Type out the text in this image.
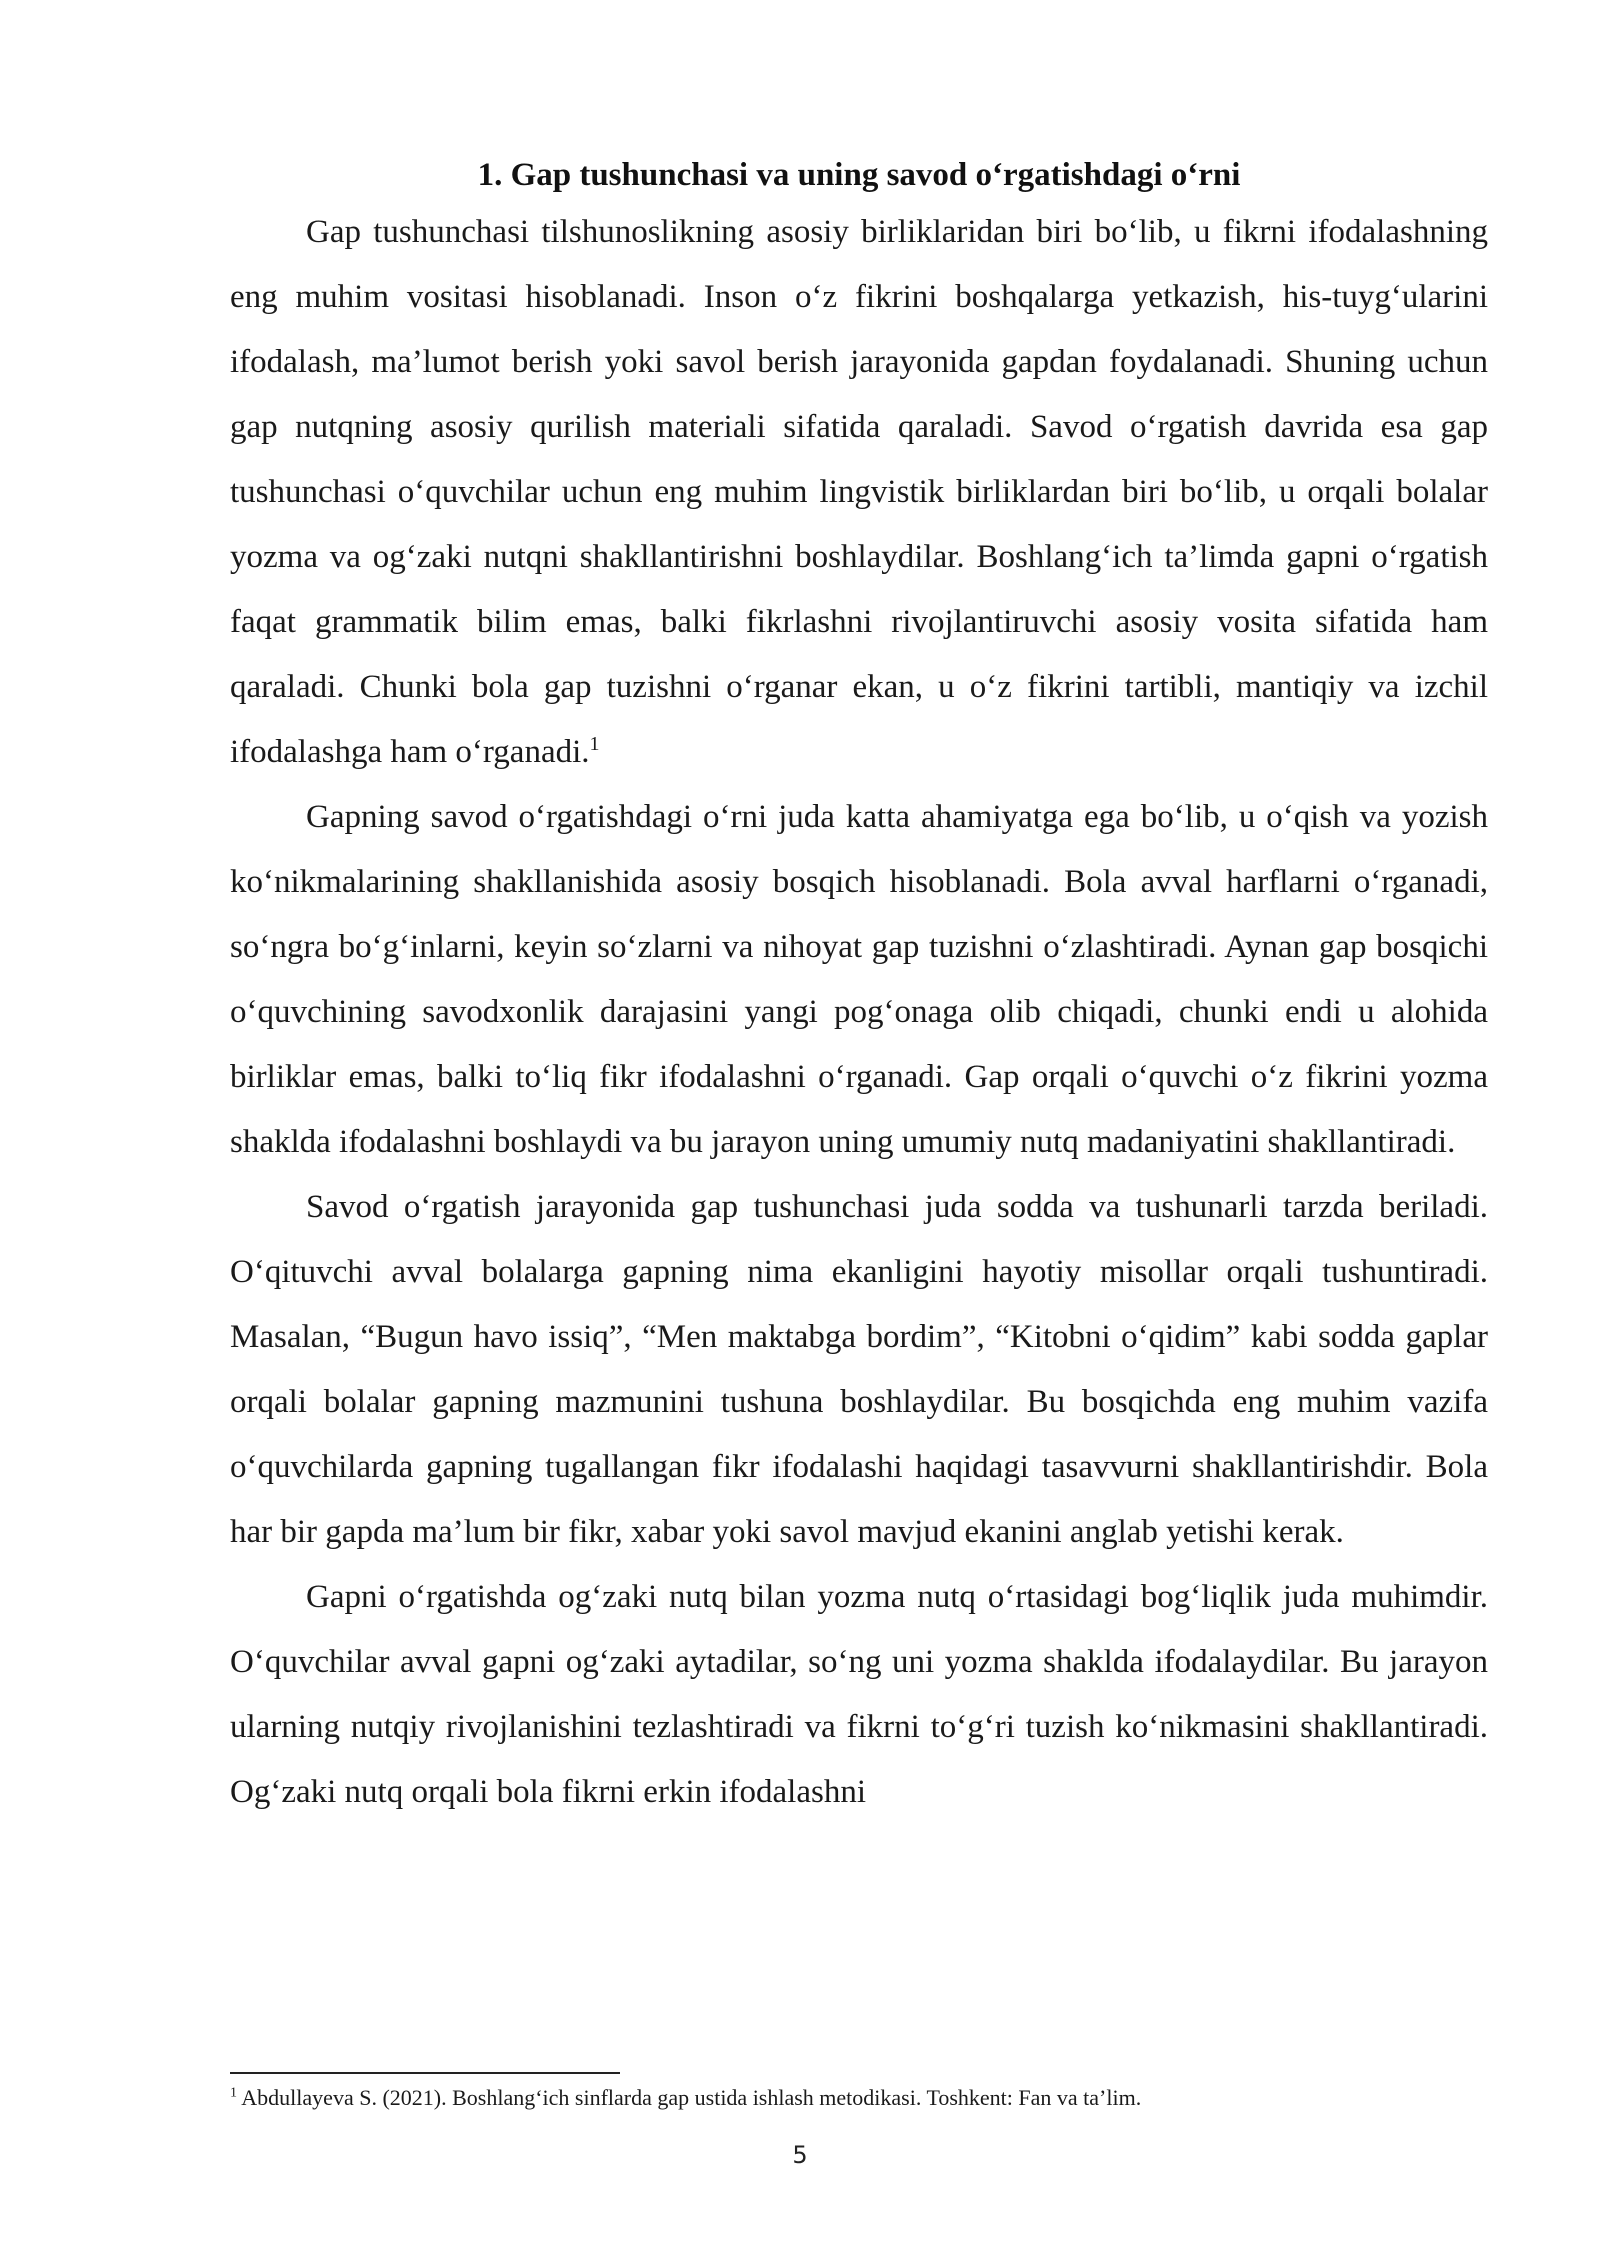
1. Gap tushunchasi va uning savod o‘rgatishdagi o‘rni

Gap tushunchasi tilshunoslikning asosiy birliklaridan biri bo‘lib, u fikrni ifodalashning eng muhim vositasi hisoblanadi. Inson o‘z fikrini boshqalarga yetkazish, his-tuyg‘ularini ifodalash, ma’lumot berish yoki savol berish jarayonida gapdan foydalanadi. Shuning uchun gap nutqning asosiy qurilish materiali sifatida qaraladi. Savod o‘rgatish davrida esa gap tushunchasi o‘quvchilar uchun eng muhim lingvistik birliklardan biri bo‘lib, u orqali bolalar yozma va og‘zaki nutqni shakllantirishni boshlaydilar. Boshlang‘ich ta’limda gapni o‘rgatish faqat grammatik bilim emas, balki fikrlashni rivojlantiruvchi asosiy vosita sifatida ham qaraladi. Chunki bola gap tuzishni o‘rganar ekan, u o‘z fikrini tartibli, mantiqiy va izchil ifodalashga ham o‘rganadi.$^1$

Gapning savod o‘rgatishdagi o‘rni juda katta ahamiyatga ega bo‘lib, u o‘qish va yozish ko‘nikmalarining shakllanishida asosiy bosqich hisoblanadi. Bola avval harflarni o‘rganadi, so‘ngra bo‘g‘inlarni, keyin so‘zlarni va nihoyat gap tuzishni o‘zlashtiradi. Aynan gap bosqichi o‘quvchining savodxonlik darajasini yangi pog‘onaga olib chiqadi, chunki endi u alohida birliklar emas, balki to‘liq fikr ifodalashni o‘rganadi. Gap orqali o‘quvchi o‘z fikrini yozma shaklda ifodalashni boshlaydi va bu jarayon uning umumiy nutq madaniyatini shakllantiradi.

Savod o‘rgatish jarayonida gap tushunchasi juda sodda va tushunarli tarzda beriladi. O‘qituvchi avval bolalarga gapning nima ekanligini hayotiy misollar orqali tushuntiradi. Masalan, “Bugun havo issiq”, “Men maktabga bordim”, “Kitobni o‘qidim” kabi sodda gaplar orqali bolalar gapning mazmunini tushuna boshlaydilar. Bu bosqichda eng muhim vazifa o‘quvchilarda gapning tugallangan fikr ifodalashi haqidagi tasavvurni shakllantirishdir. Bola har bir gapda ma’lum bir fikr, xabar yoki savol mavjud ekanini anglab yetishi kerak.

Gapni o‘rgatishda og‘zaki nutq bilan yozma nutq o‘rtasidagi bog‘liqlik juda muhimdir. O‘quvchilar avval gapni og‘zaki aytadilar, so‘ng uni yozma shaklda ifodalaydilar. Bu jarayon ularning nutqiy rivojlanishini tezlashtiradi va fikrni to‘g‘ri tuzish ko‘nikmasini shakllantiradi. Og‘zaki nutq orqali bola fikrni erkin ifodalashni

$^1$ Abdullayeva S. (2021). Boshlang‘ich sinflarda gap ustida ishlash metodikasi. Toshkent: Fan va ta’lim.

5
